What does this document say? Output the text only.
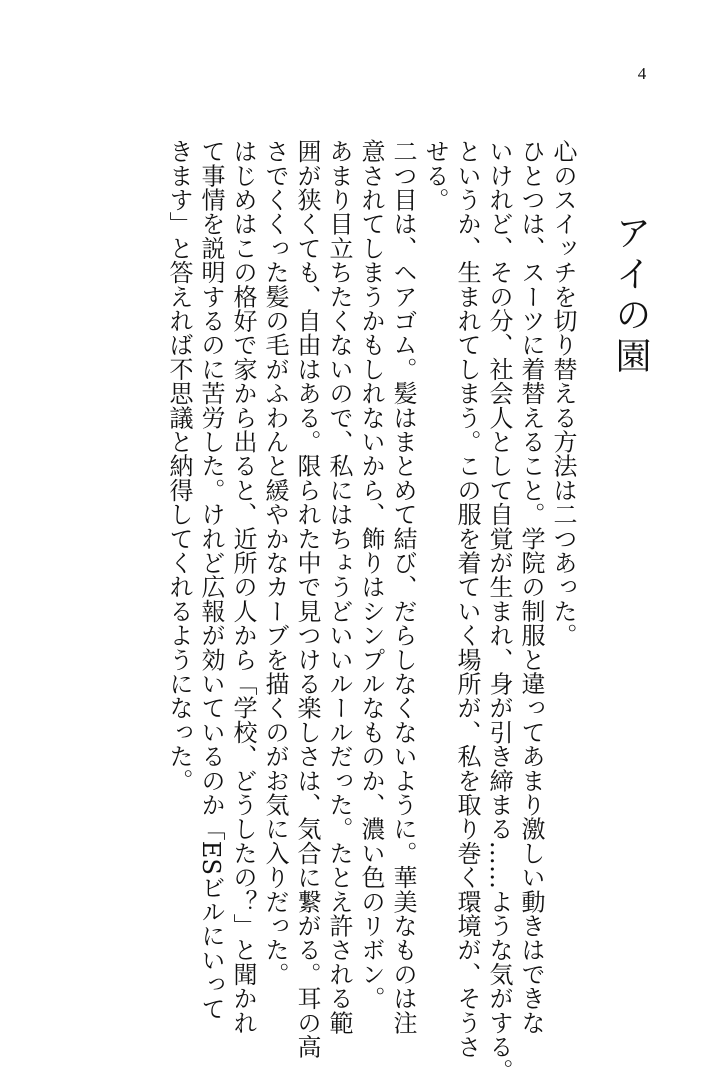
4
アイの園
心のスイッチを切り替える方法は二つあった。
ひとつは、スーツに着替えること。学院の制服と違ってあまり激しい動きはできな
いけれど、その分、社会人として自覚が生まれ、身が引き締まる……ような気がする。
というか、生まれてしまう。この服を着ていく場所が、私を取り巻く環境が、そうさ
せる。
二つ目は、ヘアゴム。髪はまとめて結び、だらしなくないように。華美なものは注
意されてしまうかもしれないから、飾りはシンプルなものか、濃い色のリボン。
あまり目立ちたくないので、私にはちょうどいいルールだった。たとえ許される範
囲が狭くても、自由はある。限られた中で見つける楽しさは、気合に繋がる。耳の高
さでくくった髪の毛がふわんと緩やかなカーブを描くのがお気に入りだった。
はじめはこの格好で家から出ると、近所の人から「学校、どうしたの？」と聞かれ
て事情を説明するのに苦労した。けれど広報が効いているのか「ESビルにいって
きます」と答えれば不思議と納得してくれるようになった。
